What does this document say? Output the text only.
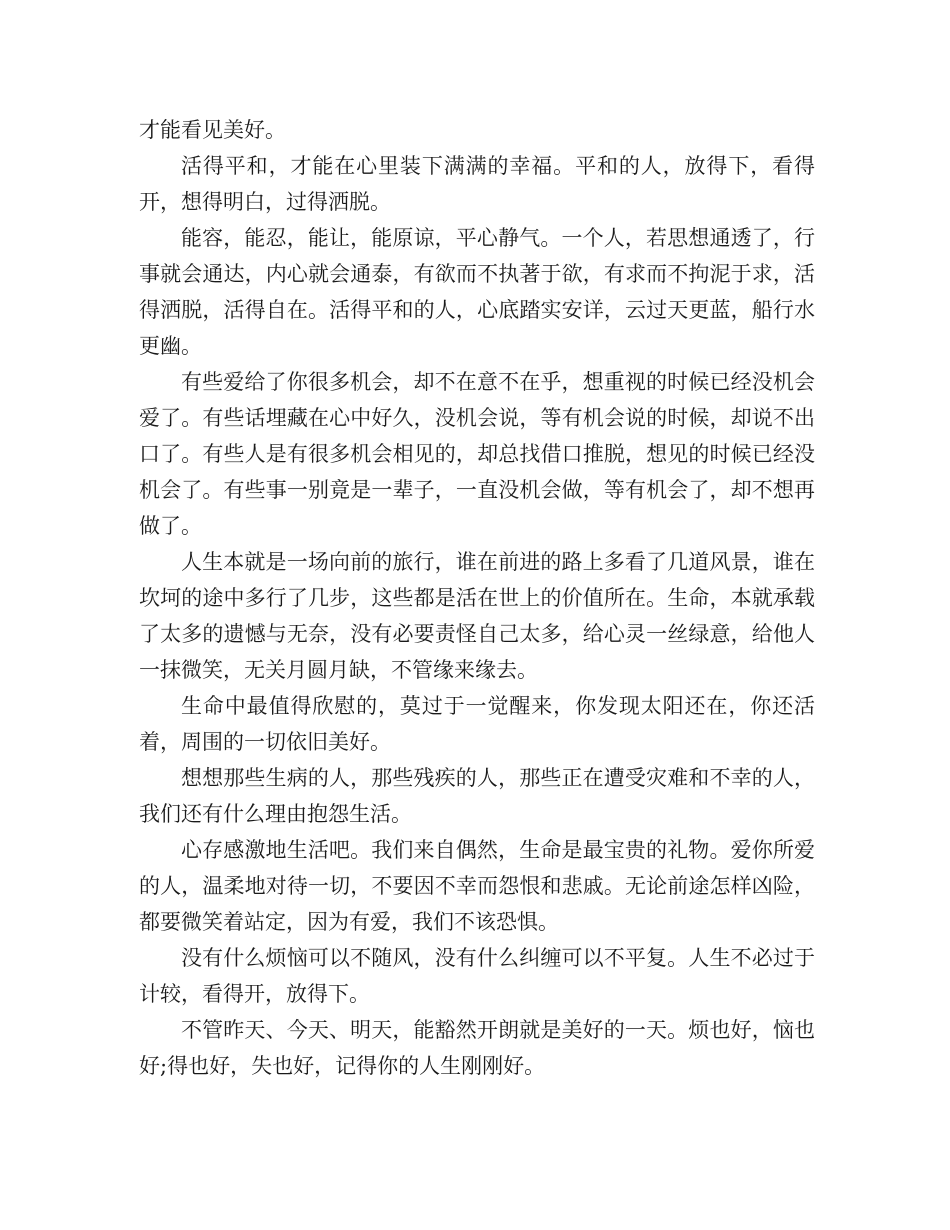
才能看见美好。

活得平和，才能在心里装下满满的幸福。平和的人，放得下，看得开，想得明白，过得洒脱。

能容，能忍，能让，能原谅，平心静气。一个人，若思想通透了，行事就会通达，内心就会通泰，有欲而不执著于欲，有求而不拘泥于求，活得洒脱，活得自在。活得平和的人，心底踏实安详，云过天更蓝，船行水更幽。

有些爱给了你很多机会，却不在意不在乎，想重视的时候已经没机会爱了。有些话埋藏在心中好久，没机会说，等有机会说的时候，却说不出口了。有些人是有很多机会相见的，却总找借口推脱，想见的时候已经没机会了。有些事一别竟是一辈子，一直没机会做，等有机会了，却不想再做了。

人生本就是一场向前的旅行，谁在前进的路上多看了几道风景，谁在坎坷的途中多行了几步，这些都是活在世上的价值所在。生命，本就承载了太多的遗憾与无奈，没有必要责怪自己太多，给心灵一丝绿意，给他人一抹微笑，无关月圆月缺，不管缘来缘去。

生命中最值得欣慰的，莫过于一觉醒来，你发现太阳还在，你还活着，周围的一切依旧美好。

想想那些生病的人，那些残疾的人，那些正在遭受灾难和不幸的人，我们还有什么理由抱怨生活。

心存感激地生活吧。我们来自偶然，生命是最宝贵的礼物。爱你所爱的人，温柔地对待一切，不要因不幸而怨恨和悲戚。无论前途怎样凶险，都要微笑着站定，因为有爱，我们不该恐惧。

没有什么烦恼可以不随风，没有什么纠缠可以不平复。人生不必过于计较，看得开，放得下。

不管昨天、今天、明天，能豁然开朗就是美好的一天。烦也好，恼也好;得也好，失也好，记得你的人生刚刚好。
